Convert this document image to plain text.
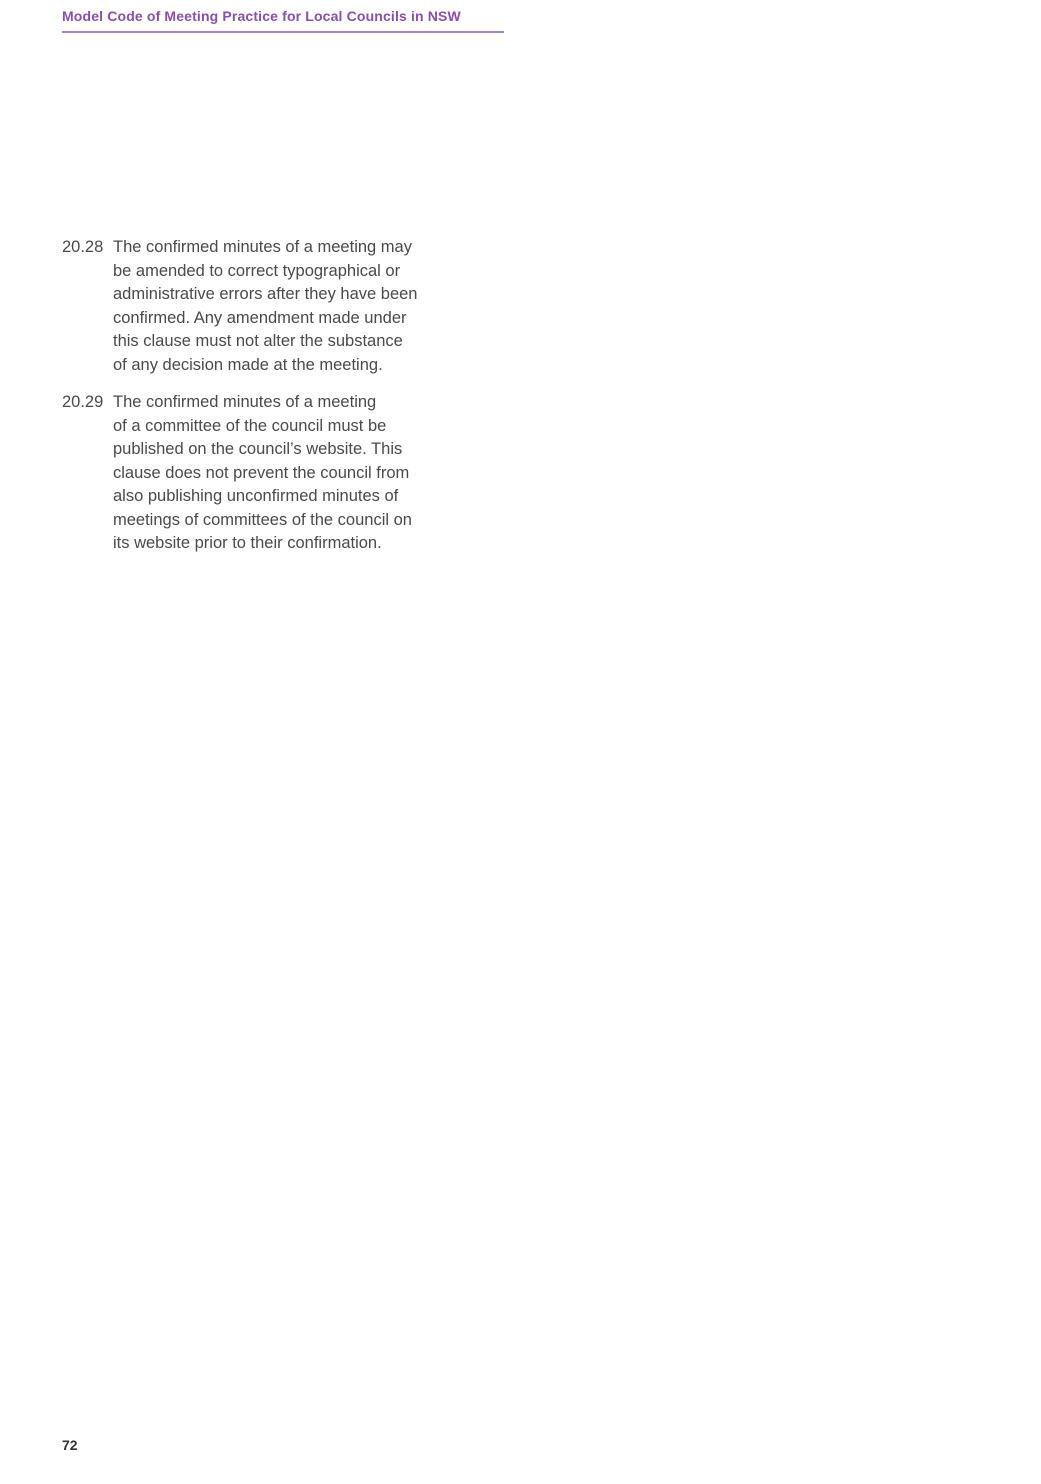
Model Code of Meeting Practice for Local Councils in NSW
20.28 The confirmed minutes of a meeting may
be amended to correct typographical or
administrative errors after they have been
confirmed. Any amendment made under
this clause must not alter the substance
of any decision made at the meeting.
20.29 The confirmed minutes of a meeting
of a committee of the council must be
published on the council’s website. This
clause does not prevent the council from
also publishing unconfirmed minutes of
meetings of committees of the council on
its website prior to their confirmation.
72
